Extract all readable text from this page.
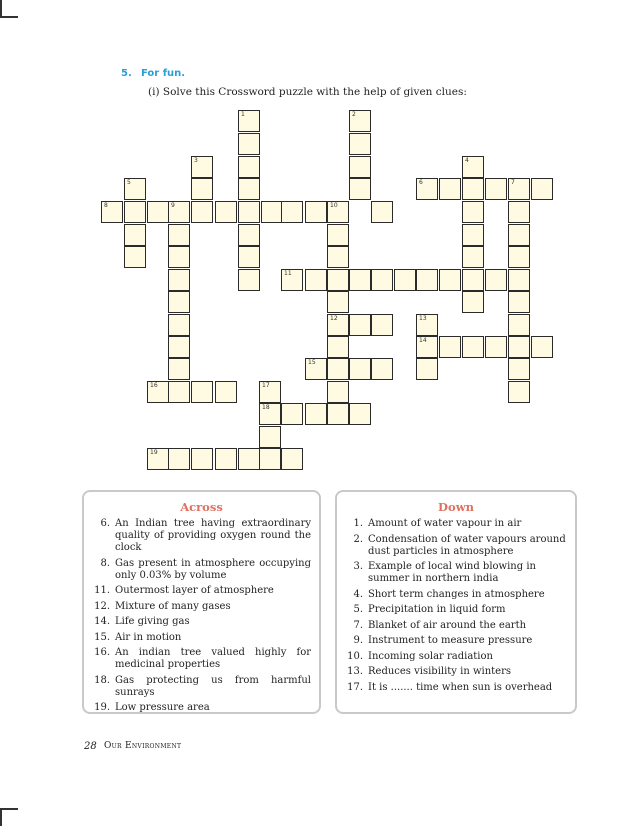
5. For fun.
(i) Solve this Crossword puzzle with the help of given clues:
1	2
3	4
5	6	7
8	9	10
11
12	13
14
15
16	17
18
19
Across
6. An Indian tree having extraordinary quality of providing oxygen round the clock
8. Gas present in atmosphere occupying only 0.03% by volume
11. Outermost layer of atmosphere
12. Mixture of many gases
14. Life giving gas
15. Air in motion
16. An indian tree valued highly for medicinal properties
18. Gas protecting us from harmful sunrays
19. Low pressure area
Down
1. Amount of water vapour in air
2. Condensation of water vapours around dust particles in atmosphere
3. Example of local wind blowing in summer in northern india
4. Short term changes in atmosphere
5. Precipitation in liquid form
7. Blanket of air around the earth
9. Instrument to measure pressure
10. Incoming solar radiation
13. Reduces visibility in winters
17. It is ....... time when sun is overhead
28 Our Environment
